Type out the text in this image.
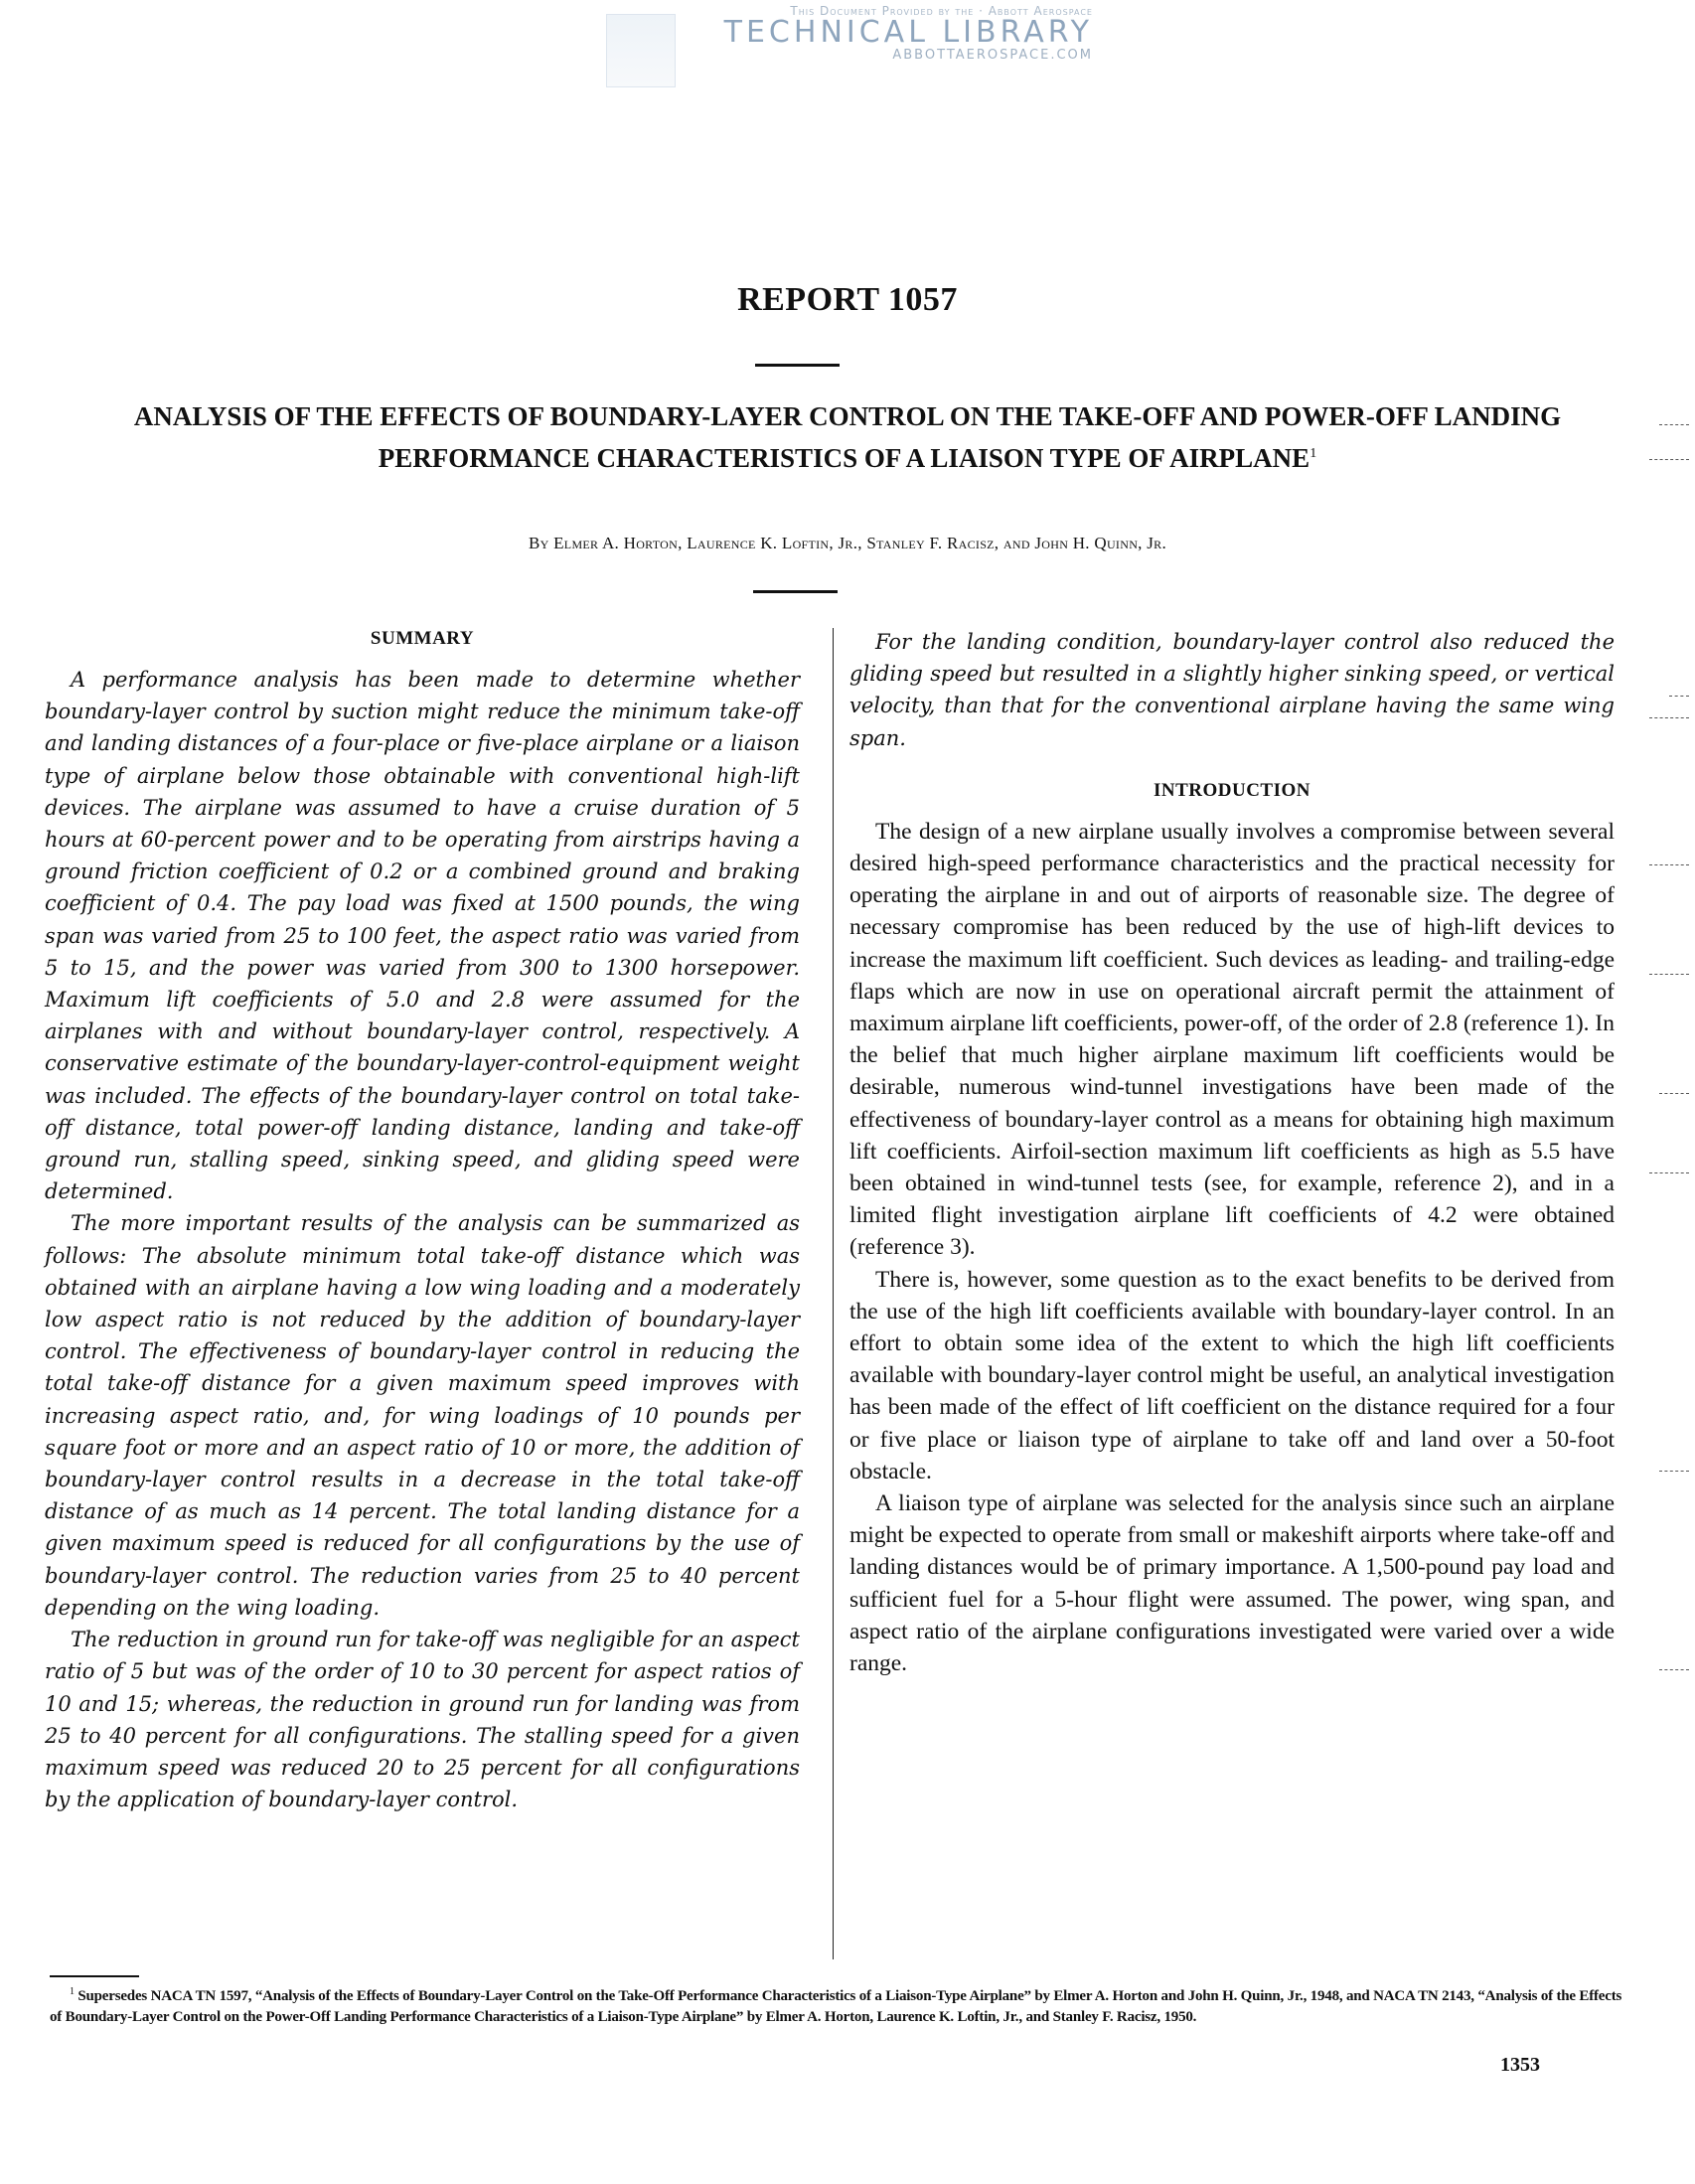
This Document Provided by the · Abbott Aerospace
TECHNICAL LIBRARY
ABBOTTAEROSPACE.COM
REPORT 1057
ANALYSIS OF THE EFFECTS OF BOUNDARY-LAYER CONTROL ON THE TAKE-OFF AND POWER-OFF LANDING PERFORMANCE CHARACTERISTICS OF A LIAISON TYPE OF AIRPLANE$^1$
By Elmer A. Horton, Laurence K. Loftin, Jr., Stanley F. Racisz, and John H. Quinn, Jr.
SUMMARY

A performance analysis has been made to determine whether boundary-layer control by suction might reduce the minimum take-off and landing distances of a four-place or five-place airplane or a liaison type of airplane below those obtainable with conventional high-lift devices. The airplane was assumed to have a cruise duration of 5 hours at 60-percent power and to be operating from airstrips having a ground friction coefficient of 0.2 or a combined ground and braking coefficient of 0.4. The pay load was fixed at 1500 pounds, the wing span was varied from 25 to 100 feet, the aspect ratio was varied from 5 to 15, and the power was varied from 300 to 1300 horsepower. Maximum lift coefficients of 5.0 and 2.8 were assumed for the airplanes with and without boundary-layer control, respectively. A conservative estimate of the boundary-layer-control-equipment weight was included. The effects of the boundary-layer control on total take-off distance, total power-off landing distance, landing and take-off ground run, stalling speed, sinking speed, and gliding speed were determined.

The more important results of the analysis can be summarized as follows: The absolute minimum total take-off distance which was obtained with an airplane having a low wing loading and a moderately low aspect ratio is not reduced by the addition of boundary-layer control. The effectiveness of boundary-layer control in reducing the total take-off distance for a given maximum speed improves with increasing aspect ratio, and, for wing loadings of 10 pounds per square foot or more and an aspect ratio of 10 or more, the addition of boundary-layer control results in a decrease in the total take-off distance of as much as 14 percent. The total landing distance for a given maximum speed is reduced for all configurations by the use of boundary-layer control. The reduction varies from 25 to 40 percent depending on the wing loading.

The reduction in ground run for take-off was negligible for an aspect ratio of 5 but was of the order of 10 to 30 percent for aspect ratios of 10 and 15; whereas, the reduction in ground run for landing was from 25 to 40 percent for all configurations. The stalling speed for a given maximum speed was reduced 20 to 25 percent for all configurations by the application of boundary-layer control.

For the landing condition, boundary-layer control also reduced the gliding speed but resulted in a slightly higher sinking speed, or vertical velocity, than that for the conventional airplane having the same wing span.

INTRODUCTION

The design of a new airplane usually involves a compromise between several desired high-speed performance characteristics and the practical necessity for operating the airplane in and out of airports of reasonable size. The degree of necessary compromise has been reduced by the use of high-lift devices to increase the maximum lift coefficient. Such devices as leading- and trailing-edge flaps which are now in use on operational aircraft permit the attainment of maximum airplane lift coefficients, power-off, of the order of 2.8 (reference 1). In the belief that much higher airplane maximum lift coefficients would be desirable, numerous wind-tunnel investigations have been made of the effectiveness of boundary-layer control as a means for obtaining high maximum lift coefficients. Airfoil-section maximum lift coefficients as high as 5.5 have been obtained in wind-tunnel tests (see, for example, reference 2), and in a limited flight investigation airplane lift coefficients of 4.2 were obtained (reference 3).

There is, however, some question as to the exact benefits to be derived from the use of the high lift coefficients available with boundary-layer control. In an effort to obtain some idea of the extent to which the high lift coefficients available with boundary-layer control might be useful, an analytical investigation has been made of the effect of lift coefficient on the distance required for a four or five place or liaison type of airplane to take off and land over a 50-foot obstacle.

A liaison type of airplane was selected for the analysis since such an airplane might be expected to operate from small or makeshift airports where take-off and landing distances would be of primary importance. A 1,500-pound pay load and sufficient fuel for a 5-hour flight were assumed. The power, wing span, and aspect ratio of the airplane configurations investigated were varied over a wide range.

$^1$ Supersedes NACA TN 1597, “Analysis of the Effects of Boundary-Layer Control on the Take-Off Performance Characteristics of a Liaison-Type Airplane” by Elmer A. Horton and John H. Quinn, Jr., 1948, and NACA TN 2143, “Analysis of the Effects of Boundary-Layer Control on the Power-Off Landing Performance Characteristics of a Liaison-Type Airplane” by Elmer A. Horton, Laurence K. Loftin, Jr., and Stanley F. Racisz, 1950.
1353
